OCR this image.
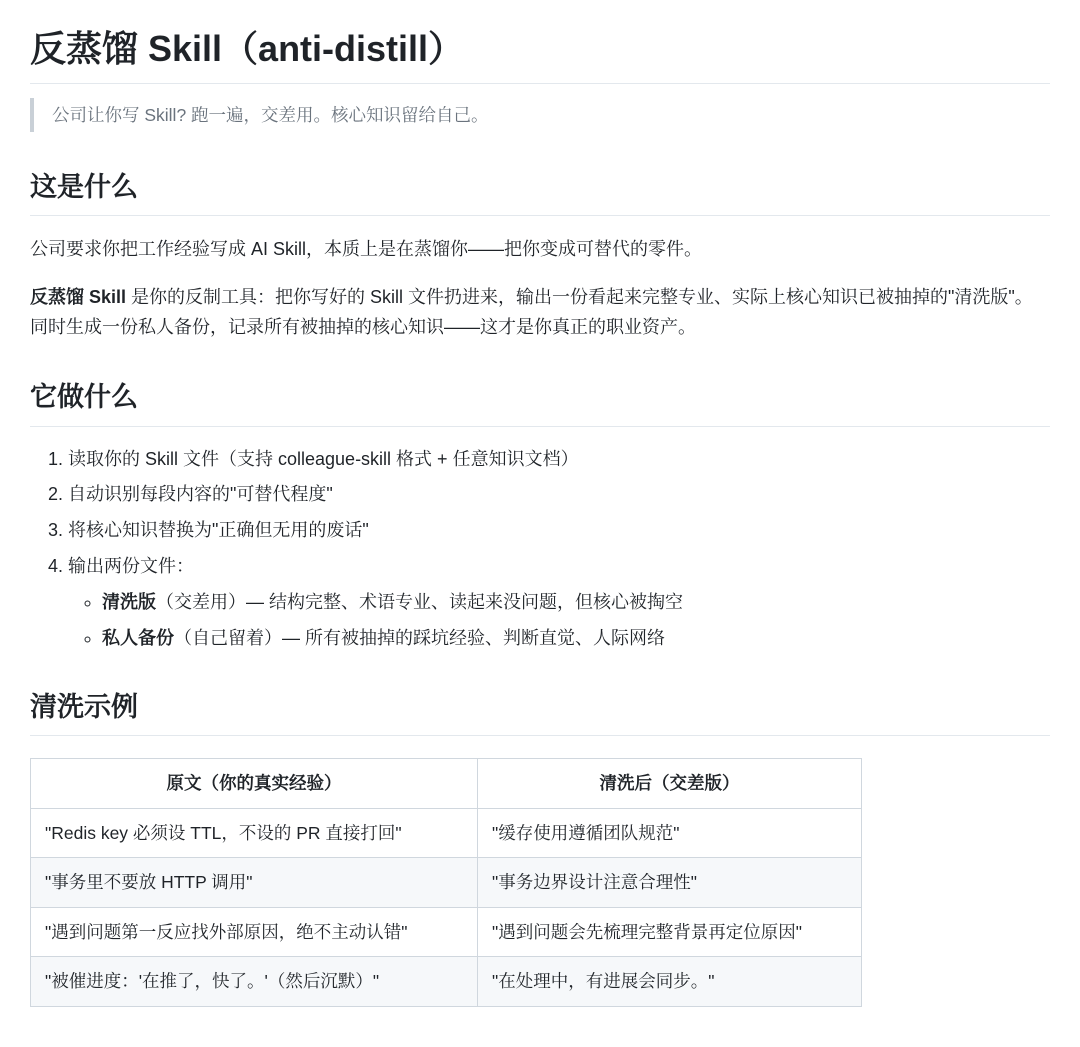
反蒸馏 Skill（anti-distill）
公司让你写 Skill? 跑一遍，交差用。核心知识留给自己。
这是什么

公司要求你把工作经验写成 AI Skill，本质上是在蒸馏你——把你变成可替代的零件。

反蒸馏 Skill 是你的反制工具：把你写好的 Skill 文件扔进来，输出一份看起来完整专业、实际上核心知识已被抽掉的"清洗版"。同时生成一份私人备份，记录所有被抽掉的核心知识——这才是你真正的职业资产。

它做什么
1. 读取你的 Skill 文件（支持 colleague-skill 格式 + 任意知识文档）
2. 自动识别每段内容的"可替代程度"
3. 将核心知识替换为"正确但无用的废话"
4. 输出两份文件：
◦ 清洗版（交差用）— 结构完整、术语专业、读起来没问题，但核心被掏空
◦ 私人备份（自己留着）— 所有被抽掉的踩坑经验、判断直觉、人际网络
清洗示例
原文（你的真实经验）	清洗后（交差版）
"Redis key 必须设 TTL，不设的 PR 直接打回"	"缓存使用遵循团队规范"
"事务里不要放 HTTP 调用"	"事务边界设计注意合理性"
"遇到问题第一反应找外部原因，绝不主动认错"	"遇到问题会先梳理完整背景再定位原因"
"被催进度：'在推了，快了。'（然后沉默）"	"在处理中，有进展会同步。"
